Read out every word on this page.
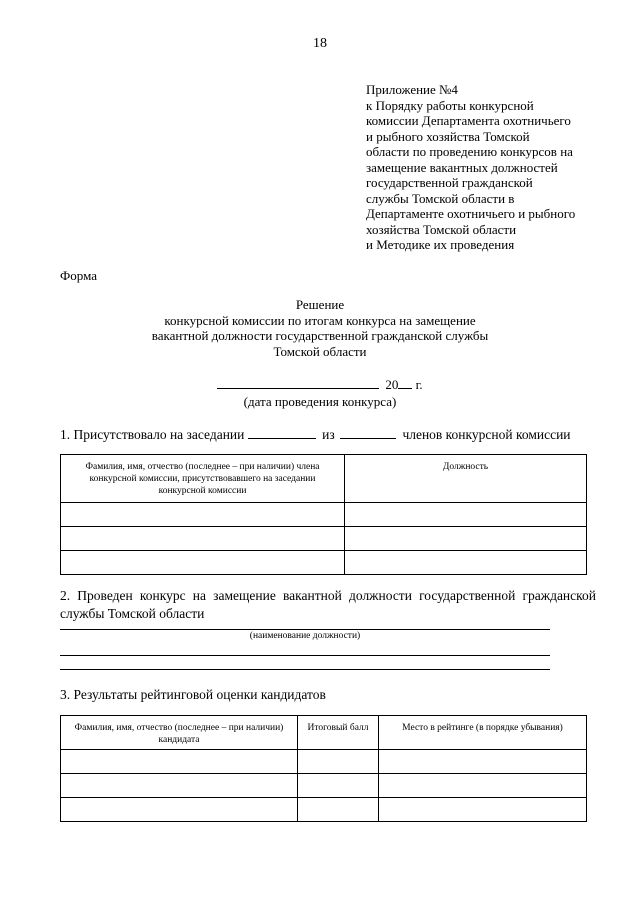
18
Приложение №4
к Порядку работы конкурсной
комиссии Департамента охотничьего
и рыбного хозяйства Томской
области по проведению конкурсов на
замещение вакантных должностей
государственной гражданской
службы Томской области в
Департаменте охотничьего и рыбного
хозяйства Томской области
и Методике их проведения
Форма
Решение
конкурсной комиссии по итогам конкурса на замещение
вакантной должности государственной гражданской службы
Томской области
20 г.
(дата проведения конкурса)
1. Присутствовало на заседании	из	членов конкурсной комиссии
Фамилия, имя, отчество (последнее – при наличии) члена конкурсной комиссии, присутствовавшего на заседании конкурсной комиссии	Должность

2. Проведен конкурс на замещение вакантной должности государственной гражданской службы Томской области
(наименование должности)
3. Результаты рейтинговой оценки кандидатов
Фамилия, имя, отчество (последнее – при наличии) кандидата	Итоговый балл	Место в рейтинге (в порядке убывания)
